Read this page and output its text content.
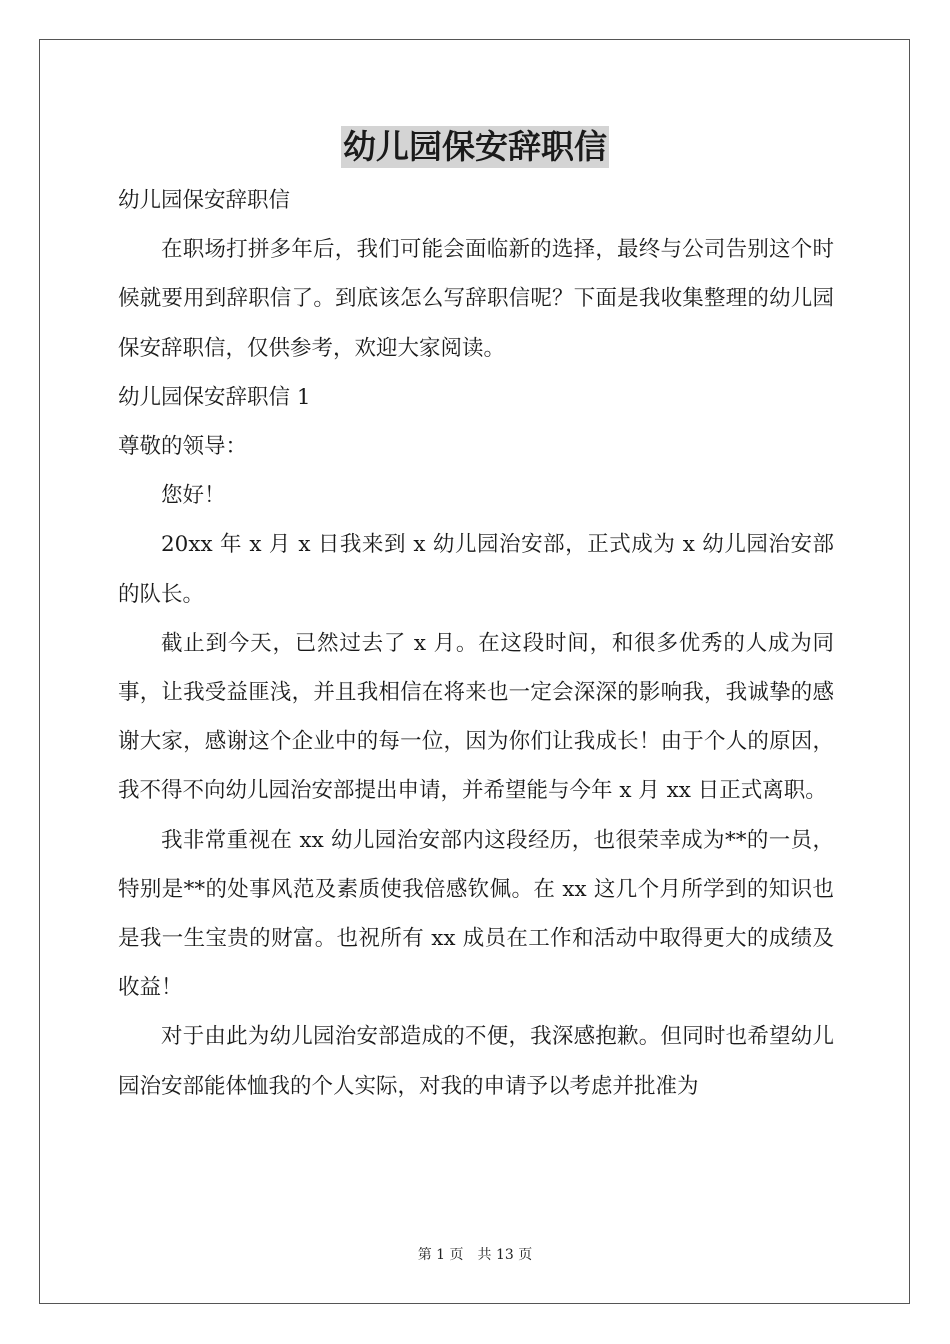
幼儿园保安辞职信

幼儿园保安辞职信

在职场打拼多年后，我们可能会面临新的选择，最终与公司告别这个时候就要用到辞职信了。到底该怎么写辞职信呢？下面是我收集整理的幼儿园保安辞职信，仅供参考，欢迎大家阅读。

幼儿园保安辞职信 1

尊敬的领导：

您好！

20xx 年 x 月 x 日我来到 x 幼儿园治安部，正式成为 x 幼儿园治安部的队长。

截止到今天，已然过去了 x 月。在这段时间，和很多优秀的人成为同事，让我受益匪浅，并且我相信在将来也一定会深深的影响我，我诚挚的感谢大家，感谢这个企业中的每一位，因为你们让我成长！由于个人的原因，我不得不向幼儿园治安部提出申请，并希望能与今年 x 月 xx 日正式离职。

我非常重视在 xx 幼儿园治安部内这段经历，也很荣幸成为**的一员，特别是**的处事风范及素质使我倍感钦佩。在 xx 这几个月所学到的知识也是我一生宝贵的财富。也祝所有 xx 成员在工作和活动中取得更大的成绩及收益！

对于由此为幼儿园治安部造成的不便，我深感抱歉。但同时也希望幼儿园治安部能体恤我的个人实际，对我的申请予以考虑并批准为

第 1 页　共 13 页
